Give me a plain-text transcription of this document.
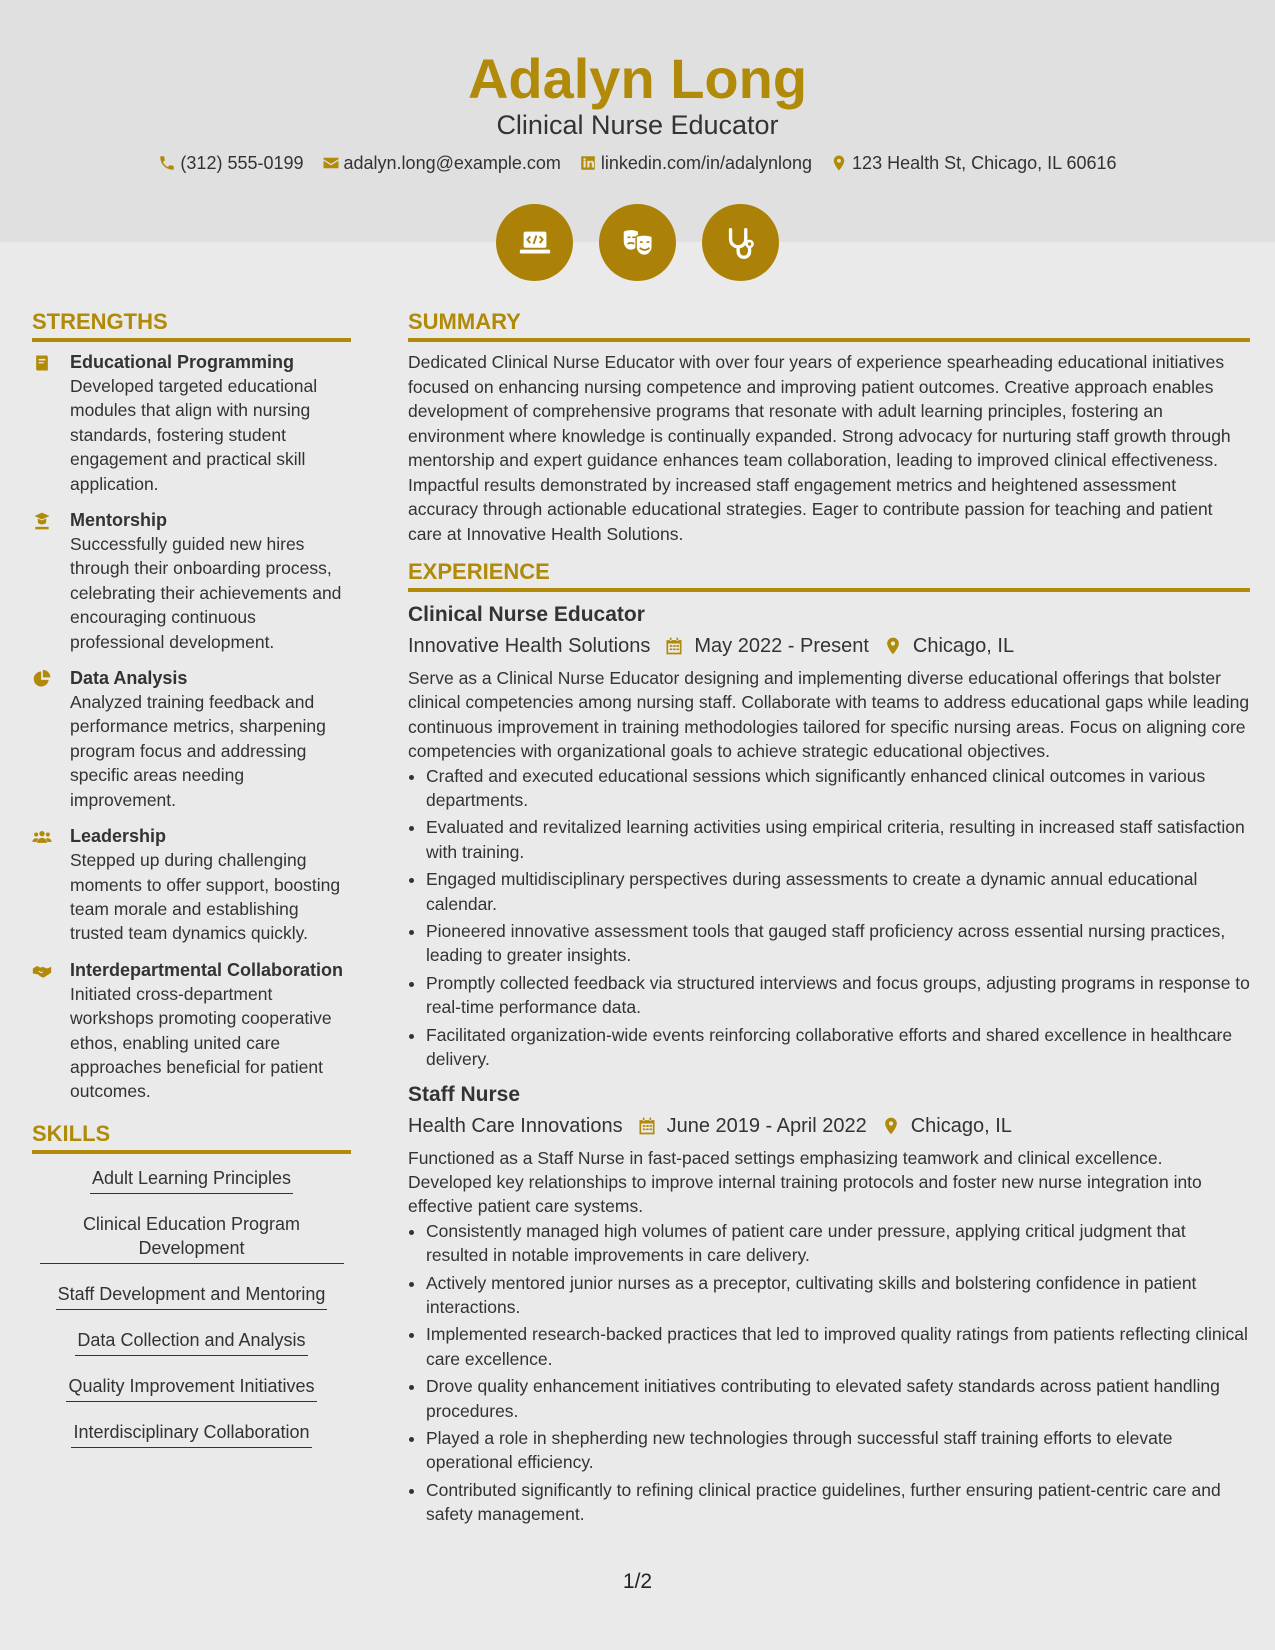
Adalyn Long
Clinical Nurse Educator
(312) 555-0199 adalyn.long@example.com linkedin.com/in/adalynlong 123 Health St, Chicago, IL 60616
STRENGTHS
Educational Programming
Developed targeted educational modules that align with nursing standards, fostering student engagement and practical skill application.
Mentorship
Successfully guided new hires through their onboarding process, celebrating their achievements and encouraging continuous professional development.
Data Analysis
Analyzed training feedback and performance metrics, sharpening program focus and addressing specific areas needing improvement.
Leadership
Stepped up during challenging moments to offer support, boosting team morale and establishing trusted team dynamics quickly.
Interdepartmental Collaboration
Initiated cross-department workshops promoting cooperative ethos, enabling united care approaches beneficial for patient outcomes.
SKILLS
Adult Learning Principles
Clinical Education Program Development
Staff Development and Mentoring
Data Collection and Analysis
Quality Improvement Initiatives
Interdisciplinary Collaboration
SUMMARY
Dedicated Clinical Nurse Educator with over four years of experience spearheading educational initiatives focused on enhancing nursing competence and improving patient outcomes. Creative approach enables development of comprehensive programs that resonate with adult learning principles, fostering an environment where knowledge is continually expanded. Strong advocacy for nurturing staff growth through mentorship and expert guidance enhances team collaboration, leading to improved clinical effectiveness. Impactful results demonstrated by increased staff engagement metrics and heightened assessment accuracy through actionable educational strategies. Eager to contribute passion for teaching and patient care at Innovative Health Solutions.
EXPERIENCE
Clinical Nurse Educator
Innovative Health Solutions May 2022 - Present Chicago, IL
Serve as a Clinical Nurse Educator designing and implementing diverse educational offerings that bolster clinical competencies among nursing staff. Collaborate with teams to address educational gaps while leading continuous improvement in training methodologies tailored for specific nursing areas. Focus on aligning core competencies with organizational goals to achieve strategic educational objectives.
• Crafted and executed educational sessions which significantly enhanced clinical outcomes in various departments.
• Evaluated and revitalized learning activities using empirical criteria, resulting in increased staff satisfaction with training.
• Engaged multidisciplinary perspectives during assessments to create a dynamic annual educational calendar.
• Pioneered innovative assessment tools that gauged staff proficiency across essential nursing practices, leading to greater insights.
• Promptly collected feedback via structured interviews and focus groups, adjusting programs in response to real-time performance data.
• Facilitated organization-wide events reinforcing collaborative efforts and shared excellence in healthcare delivery.
Staff Nurse
Health Care Innovations June 2019 - April 2022 Chicago, IL
Functioned as a Staff Nurse in fast-paced settings emphasizing teamwork and clinical excellence. Developed key relationships to improve internal training protocols and foster new nurse integration into effective patient care systems.
• Consistently managed high volumes of patient care under pressure, applying critical judgment that resulted in notable improvements in care delivery.
• Actively mentored junior nurses as a preceptor, cultivating skills and bolstering confidence in patient interactions.
• Implemented research-backed practices that led to improved quality ratings from patients reflecting clinical care excellence.
• Drove quality enhancement initiatives contributing to elevated safety standards across patient handling procedures.
• Played a role in shepherding new technologies through successful staff training efforts to elevate operational efficiency.
• Contributed significantly to refining clinical practice guidelines, further ensuring patient-centric care and safety management.
1/2
